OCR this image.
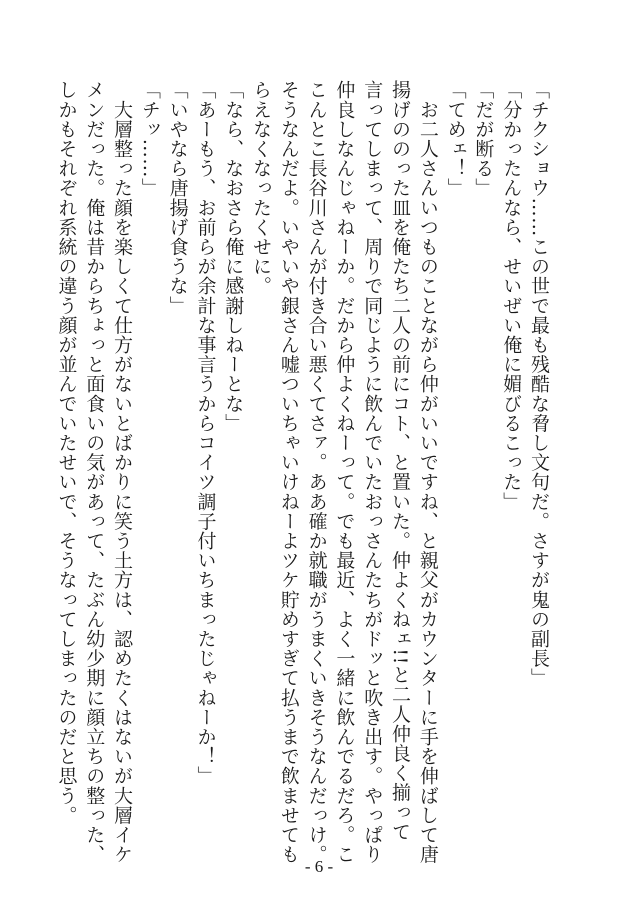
「チクショウ……この世で最も残酷な脅し文句だ。さすが鬼の副長」
「分かったんなら、せいぜい俺に媚びるこった」
「だが断る」
「てめェ！」
　お二人さんいつものことながら仲がいいですね、と親父がカウンターに手を伸ばして唐
揚げののった皿を俺たち二人の前にコト、と置いた。仲よくねェ!!と二人仲良く揃って
言ってしまって、周りで同じように飲んでいたおっさんたちがドッと吹き出す。やっぱり
仲良しなんじゃねーか。だから仲よくねーって。でも最近、よく一緒に飲んでるだろ。こ
こんとこ長谷川さんが付き合い悪くてさァ。ああ確か就職がうまくいきそうなんだっけ。
そうなんだよ。いやいや銀さん嘘ついちゃいけねーよツケ貯めすぎて払うまで飲ませても
らえなくなったくせに。
「なら、なおさら俺に感謝しねーとな」
「あーもう、お前らが余計な事言うからコイツ調子付いちまったじゃねーか！」
「いやなら唐揚げ食うな」
「チッ……」
　大層整った顔を楽しくて仕方がないとばかりに笑う土方は、認めたくはないが大層イケ
メンだった。俺は昔からちょっと面食いの気があって、たぶん幼少期に顔立ちの整った、
しかもそれぞれ系統の違う顔が並んでいたせいで、そうなってしまったのだと思う。
- 6 -
